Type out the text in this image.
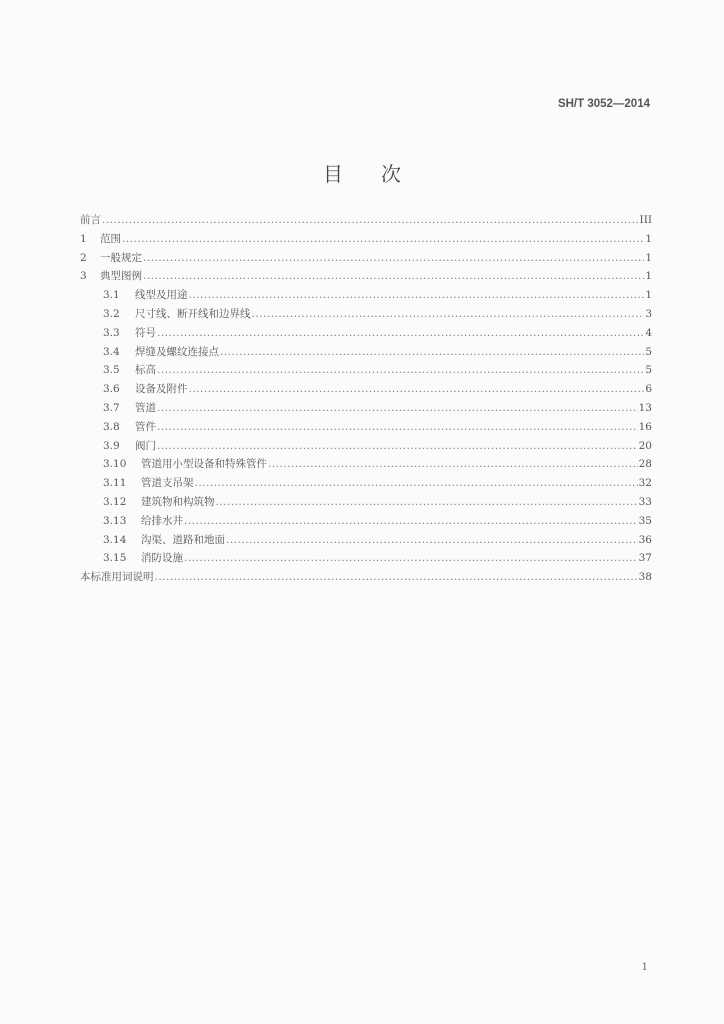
SH/T 3052—2014
目 次
前言 .....	III
1	范围 .....	1
2	一般规定 .....	1
3	典型图例 .....	1
3.1	线型及用途 .....	1
3.2	尺寸线、断开线和边界线 .....	3
3.3	符号 .....	4
3.4	焊缝及螺纹连接点 .....	5
3.5	标高 .....	5
3.6	设备及附件 .....	6
3.7	管道 .....	13
3.8	管件 .....	16
3.9	阀门 .....	20
3.10	管道用小型设备和特殊管件 .....	28
3.11	管道支吊架 .....	32
3.12	建筑物和构筑物 .....	33
3.13	给排水井 .....	35
3.14	沟渠、道路和地面 .....	36
3.15	消防设施 .....	37
本标准用词说明 .....	38
1
